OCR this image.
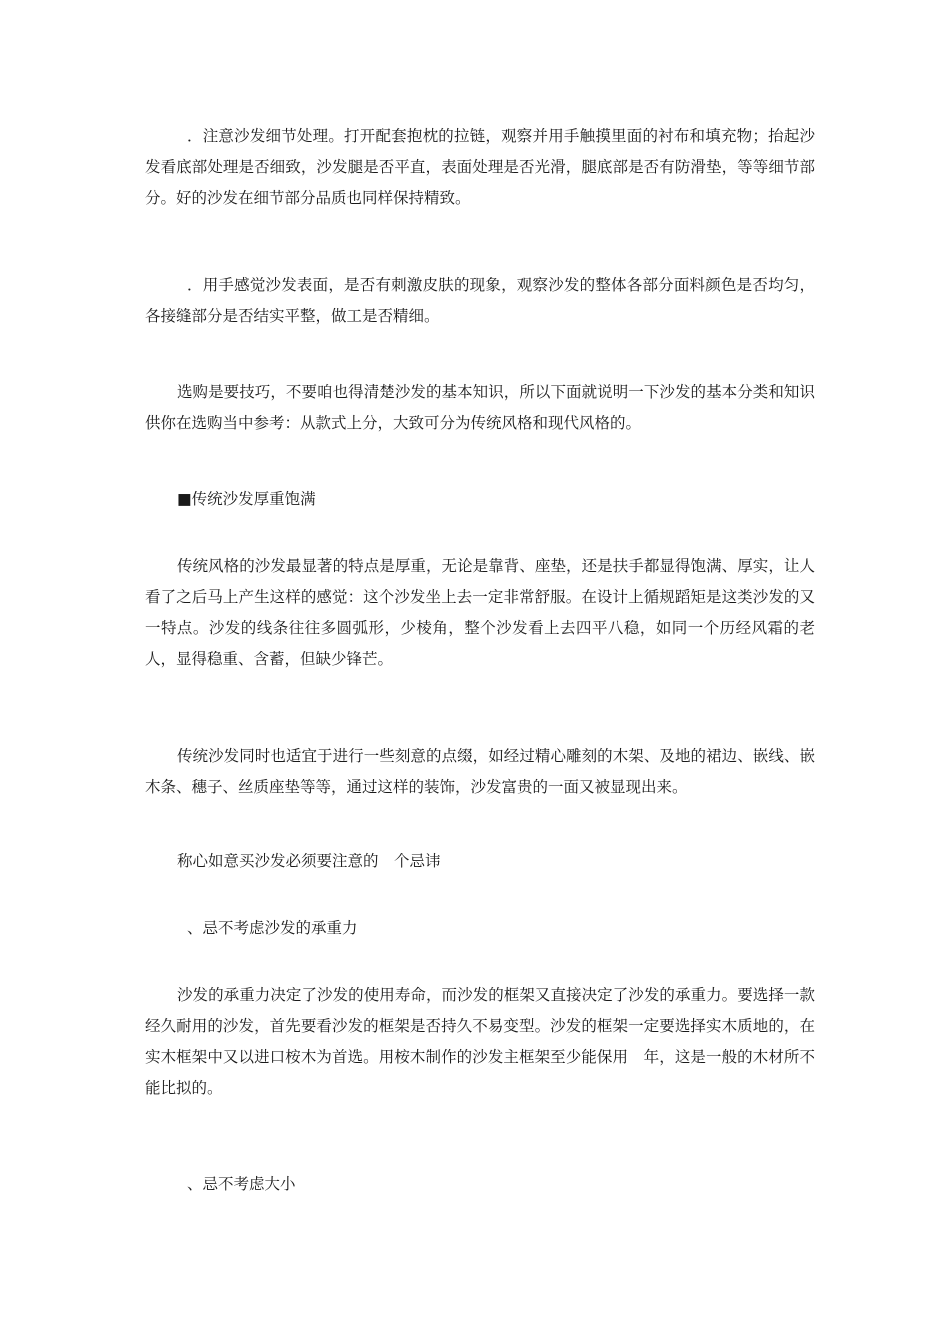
．注意沙发细节处理。打开配套抱枕的拉链，观察并用手触摸里面的衬布和填充物；抬起沙发看底部处理是否细致，沙发腿是否平直，表面处理是否光滑，腿底部是否有防滑垫，等等细节部分。好的沙发在细节部分品质也同样保持精致。

．用手感觉沙发表面，是否有刺激皮肤的现象，观察沙发的整体各部分面料颜色是否均匀，各接缝部分是否结实平整，做工是否精细。

选购是要技巧，不要咱也得清楚沙发的基本知识，所以下面就说明一下沙发的基本分类和知识供你在选购当中参考：从款式上分，大致可分为传统风格和现代风格的。

■传统沙发厚重饱满

传统风格的沙发最显著的特点是厚重，无论是靠背、座垫，还是扶手都显得饱满、厚实，让人看了之后马上产生这样的感觉：这个沙发坐上去一定非常舒服。在设计上循规蹈矩是这类沙发的又一特点。沙发的线条往往多圆弧形，少棱角，整个沙发看上去四平八稳，如同一个历经风霜的老人，显得稳重、含蓄，但缺少锋芒。

传统沙发同时也适宜于进行一些刻意的点缀，如经过精心雕刻的木架、及地的裙边、嵌线、嵌木条、穗子、丝质座垫等等，通过这样的装饰，沙发富贵的一面又被显现出来。

称心如意买沙发必须要注意的　个忌讳

、忌不考虑沙发的承重力

沙发的承重力决定了沙发的使用寿命，而沙发的框架又直接决定了沙发的承重力。要选择一款经久耐用的沙发，首先要看沙发的框架是否持久不易变型。沙发的框架一定要选择实木质地的，在实木框架中又以进口桉木为首选。用桉木制作的沙发主框架至少能保用　年，这是一般的木材所不能比拟的。

、忌不考虑大小
